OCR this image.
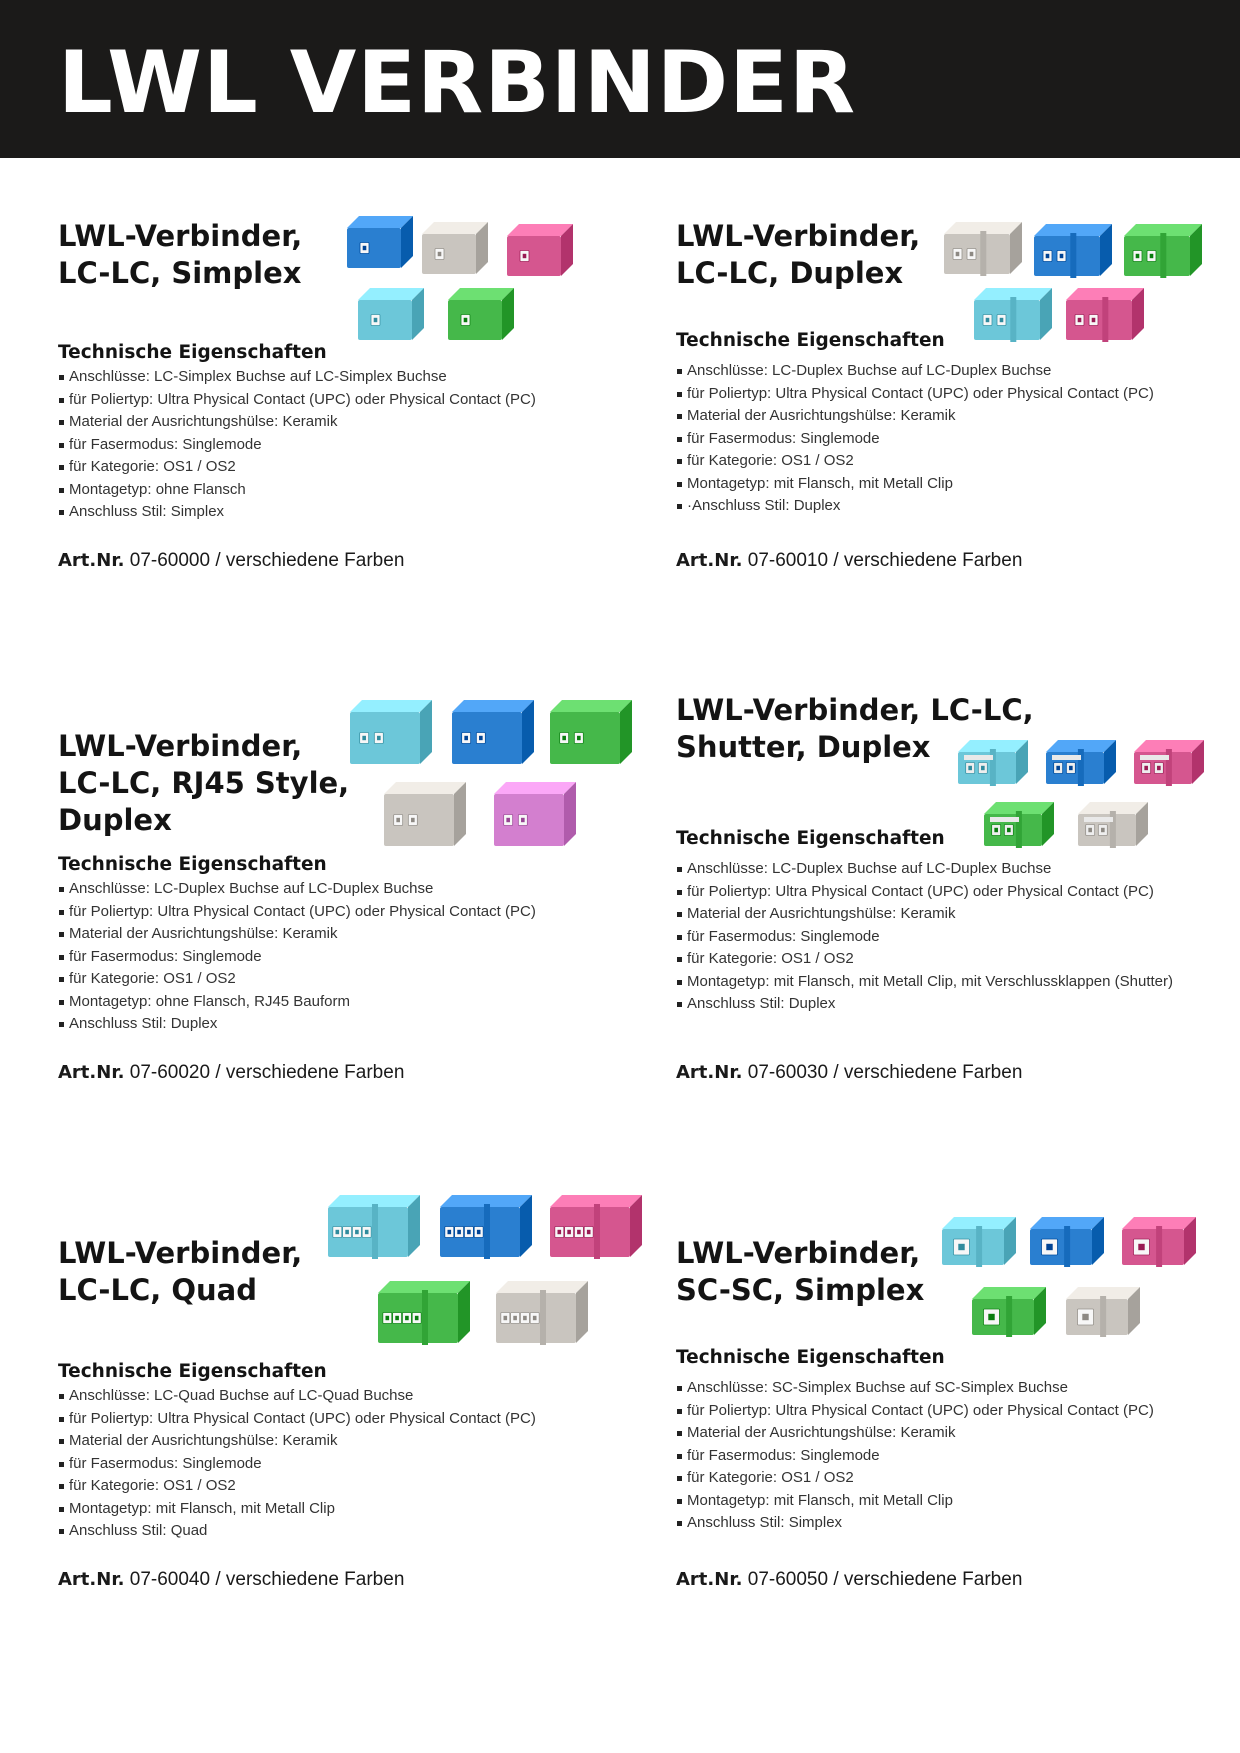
LWL VERBINDER
LWL-Verbinder,
LC-LC, Simplex
Technische Eigenschaften
Anschlüsse: LC-Simplex Buchse auf LC-Simplex Buchse
für Poliertyp: Ultra Physical Contact (UPC) oder Physical Contact (PC)
Material der Ausrichtungshülse: Keramik
für Fasermodus: Singlemode
für Kategorie: OS1 / OS2
Montagetyp: ohne Flansch
Anschluss Stil: Simplex

Art.Nr. 07-60000 / verschiedene Farben

LWL-Verbinder,
LC-LC, Duplex
Technische Eigenschaften
Anschlüsse: LC-Duplex Buchse auf LC-Duplex Buchse
für Poliertyp: Ultra Physical Contact (UPC) oder Physical Contact (PC)
Material der Ausrichtungshülse: Keramik
für Fasermodus: Singlemode
für Kategorie: OS1 / OS2
Montagetyp: mit Flansch, mit Metall Clip
·Anschluss Stil: Duplex

Art.Nr. 07-60010 / verschiedene Farben

LWL-Verbinder,
LC-LC, RJ45 Style,
Duplex
Technische Eigenschaften
Anschlüsse: LC-Duplex Buchse auf LC-Duplex Buchse
für Poliertyp: Ultra Physical Contact (UPC) oder Physical Contact (PC)
Material der Ausrichtungshülse: Keramik
für Fasermodus: Singlemode
für Kategorie: OS1 / OS2
Montagetyp: ohne Flansch, RJ45 Bauform
Anschluss Stil: Duplex

Art.Nr. 07-60020 / verschiedene Farben

LWL-Verbinder, LC-LC,
Shutter, Duplex
Technische Eigenschaften
Anschlüsse: LC-Duplex Buchse auf LC-Duplex Buchse
für Poliertyp: Ultra Physical Contact (UPC) oder Physical Contact (PC)
Material der Ausrichtungshülse: Keramik
für Fasermodus: Singlemode
für Kategorie: OS1 / OS2
Montagetyp: mit Flansch, mit Metall Clip, mit Verschlussklappen (Shutter)
Anschluss Stil: Duplex

Art.Nr. 07-60030 / verschiedene Farben

LWL-Verbinder,
LC-LC, Quad
Technische Eigenschaften
Anschlüsse: LC-Quad Buchse auf LC-Quad Buchse
für Poliertyp: Ultra Physical Contact (UPC) oder Physical Contact (PC)
Material der Ausrichtungshülse: Keramik
für Fasermodus: Singlemode
für Kategorie: OS1 / OS2
Montagetyp: mit Flansch, mit Metall Clip
Anschluss Stil: Quad

Art.Nr. 07-60040 / verschiedene Farben

LWL-Verbinder,
SC-SC, Simplex
Technische Eigenschaften
Anschlüsse: SC-Simplex Buchse auf SC-Simplex Buchse
für Poliertyp: Ultra Physical Contact (UPC) oder Physical Contact (PC)
Material der Ausrichtungshülse: Keramik
für Fasermodus: Singlemode
für Kategorie: OS1 / OS2
Montagetyp: mit Flansch, mit Metall Clip
Anschluss Stil: Simplex

Art.Nr. 07-60050 / verschiedene Farben
